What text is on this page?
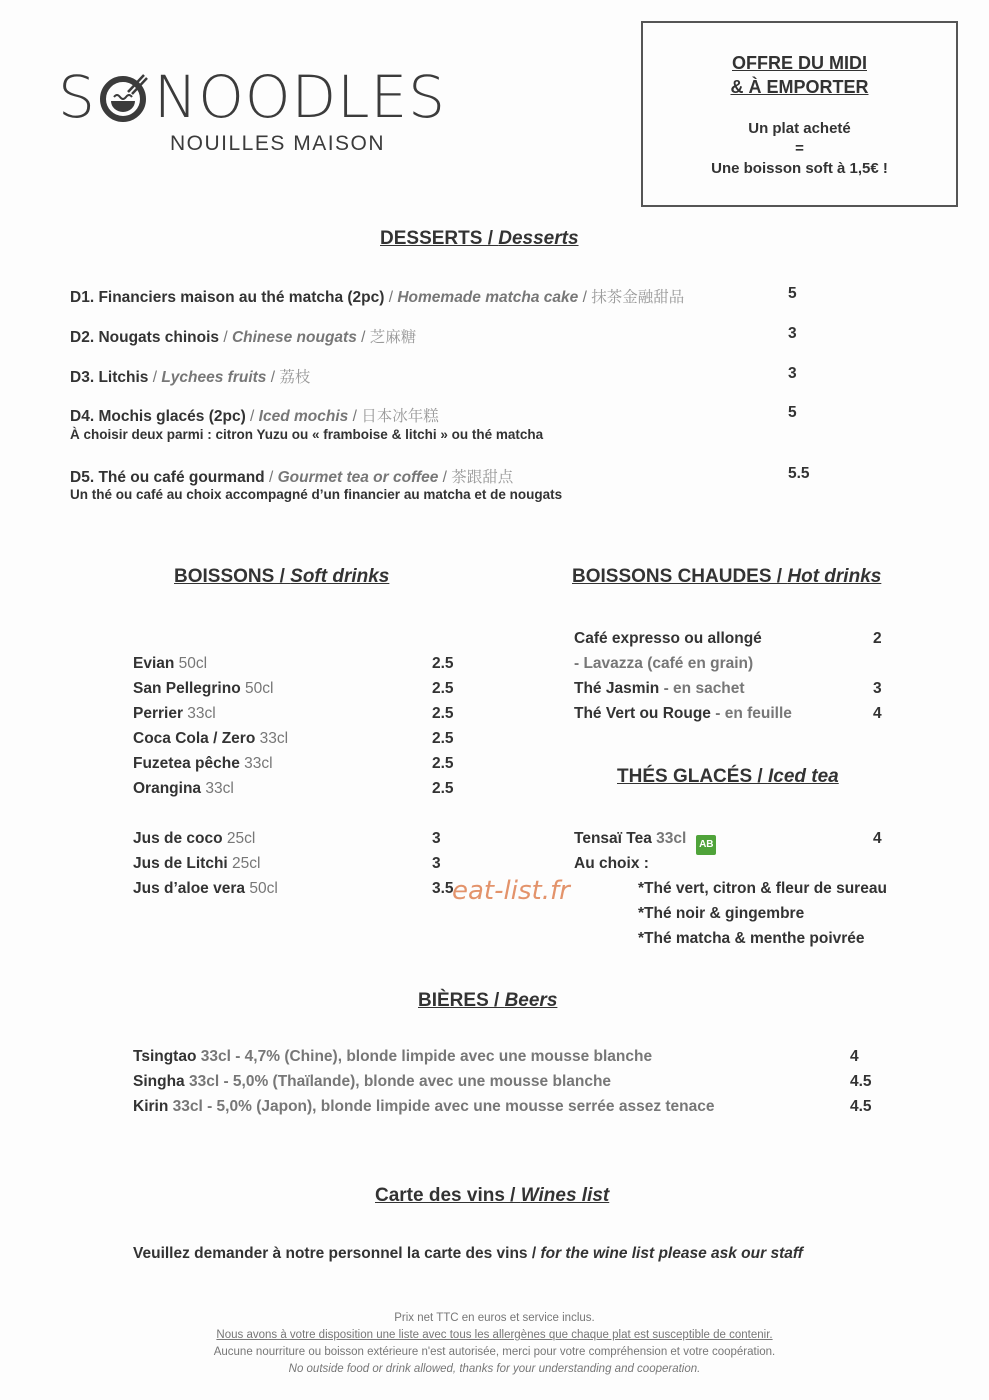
S NOODLES
NOUILLES MAISON
OFFRE DU MIDI
& À EMPORTER
Un plat acheté
=
Une boisson soft à 1,5€ !
DESSERTS / Desserts
D1. Financiers maison au thé matcha (2pc) / Homemade matcha cake / 抹茶金融甜品	5
D2. Nougats chinois / Chinese nougats / 芝麻糖	3
D3. Litchis / Lychees fruits / 荔枝	3
D4. Mochis glacés (2pc) / Iced mochis / 日本冰年糕	5
À choisir deux parmi : citron Yuzu ou « framboise & litchi » ou thé matcha
D5. Thé ou café gourmand / Gourmet tea or coffee / 茶跟甜点	5.5
Un thé ou café au choix accompagné d’un financier au matcha et de nougats
BOISSONS / Soft drinks
Evian 50cl	2.5
San Pellegrino 50cl	2.5
Perrier 33cl	2.5
Coca Cola / Zero 33cl	2.5
Fuzetea pêche 33cl	2.5
Orangina 33cl	2.5
Jus de coco 25cl	3
Jus de Litchi 25cl	3
Jus d’aloe vera 50cl	3.5
BOISSONS CHAUDES / Hot drinks
Café expresso ou allongé	2
- Lavazza (café en grain)
Thé Jasmin - en sachet	3
Thé Vert ou Rouge - en feuille	4
THÉS GLACÉS / Iced tea
Tensaï Tea 33cl AB	4
Au choix :
*Thé vert, citron & fleur de sureau
*Thé noir & gingembre
*Thé matcha & menthe poivrée
eat-list.fr
BIÈRES / Beers
Tsingtao 33cl - 4,7% (Chine), blonde limpide avec une mousse blanche	4
Singha 33cl - 5,0% (Thaïlande), blonde avec une mousse blanche	4.5
Kirin 33cl - 5,0% (Japon), blonde limpide avec une mousse serrée assez tenace	4.5
Carte des vins / Wines list
Veuillez demander à notre personnel la carte des vins / for the wine list please ask our staff
Prix net TTC en euros et service inclus.
Nous avons à votre disposition une liste avec tous les allergènes que chaque plat est susceptible de contenir.
Aucune nourriture ou boisson extérieure n'est autorisée, merci pour votre compréhension et votre coopération.
No outside food or drink allowed, thanks for your understanding and cooperation.
